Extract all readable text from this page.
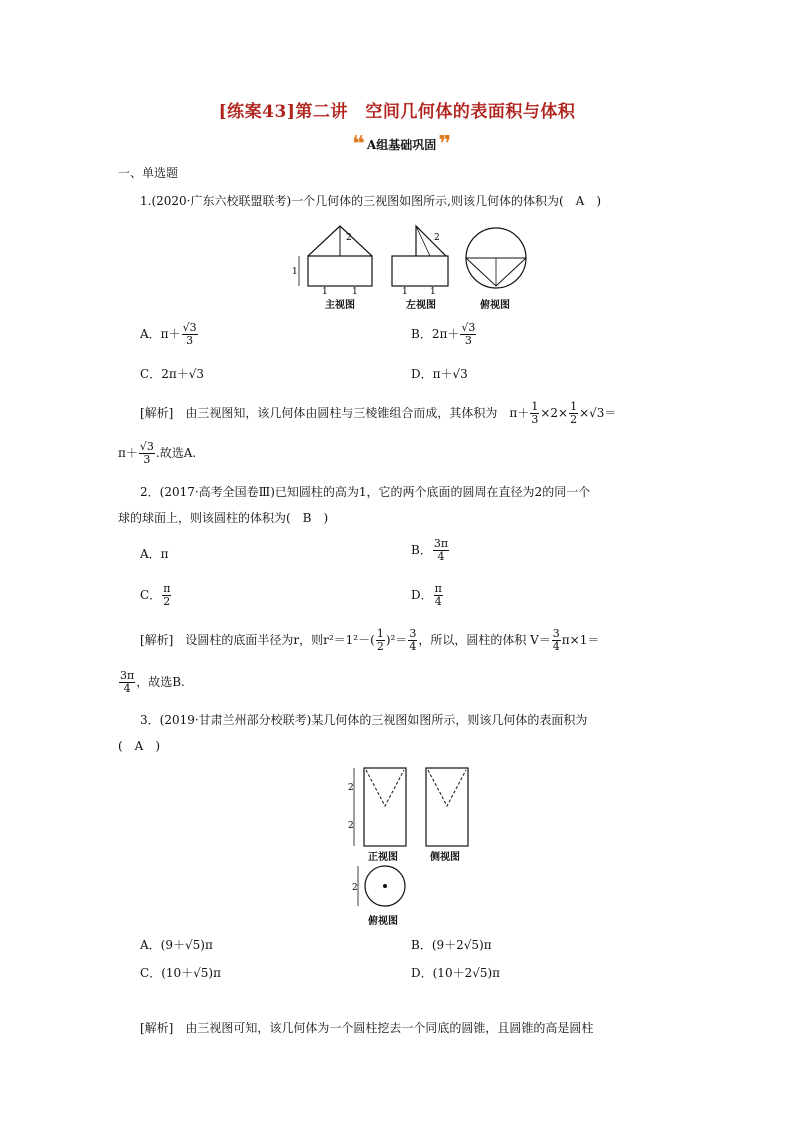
[练案43]第二讲　空间几何体的表面积与体积
❝ A组基础巩固 ❞
一、单选题
1.(2020·广东六校联盟联考)一个几何体的三视图如图所示,则该几何体的体积为(　A　)
2
1
1	1
主视图
2
1 1
左视图	俯视图
A．$\pi+ \frac{√3}{3}$	B．$2\pi+ \frac{√3}{3}$
C．2π＋√3	D．π＋√3
[解析]　 由三视图知，该几何体由圆柱与三棱锥组合而成，其体积为　 $\pi+ \frac{1}{3} \times 2\times \frac{1}{2} \times√3=$
$\pi+ \frac{√3}{3}$ .故选A.
2．(2017·高考全国卷Ⅲ)已知圆柱的高为1，它的两个底面的圆周在直径为2的同一个
球的球面上，则该圆柱的体积为(　B　)
A．π	B． $\frac{3\pi}{4}$
C． $\frac{\pi}{2}$	D． $\frac{\pi}{4}$
[解析]　 设圆柱的底面半径为r，则$r^2=1^2-( \frac{1}{2} )^2= \frac{3}{4}$ ，所以，圆柱的体积 $V= \frac{3}{4} \pi\times 1=$
$\frac{3\pi}{4}$ ，故选B.
3．(2019·甘肃兰州部分校联考)某几何体的三视图如图所示，则该几何体的表面积为
(　A　)
2
2
正视图	侧视图
2
俯视图
A．(9＋√5)π	B．(9＋2√5)π
C．(10＋√5)π	D．(10＋2√5)π
[解析]　 由三视图可知，该几何体为一个圆柱挖去一个同底的圆锥，且圆锥的高是圆柱
